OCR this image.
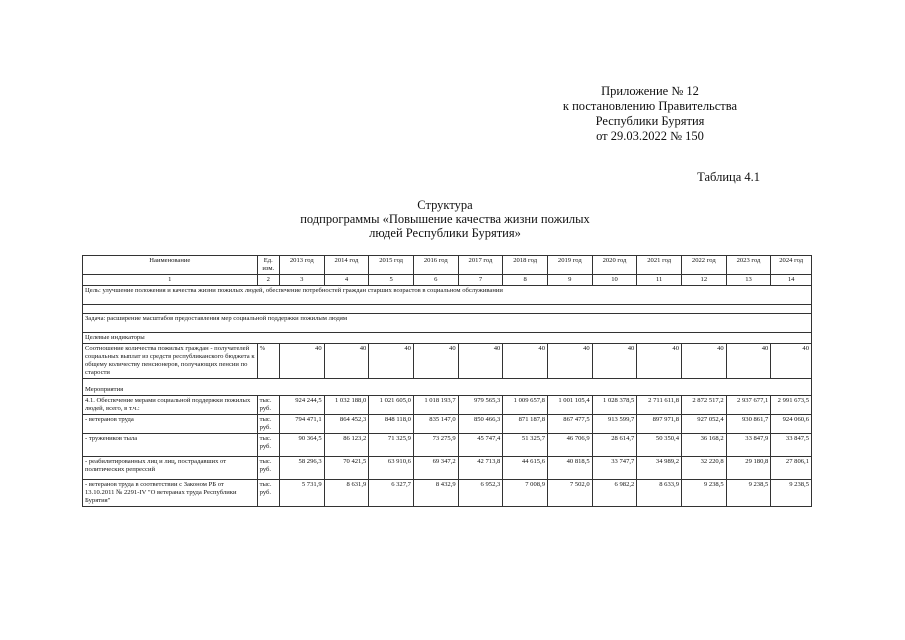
Приложение № 12
к постановлению Правительства
Республики Бурятия
от 29.03.2022 № 150
Таблица 4.1
Структура
подпрограммы «Повышение качества жизни пожилых
людей Республики Бурятия»
Наименование	Ед. изм.	2013 год	2014 год	2015 год	2016 год	2017 год	2018 год	2019 год	2020 год	2021 год	2022 год	2023 год	2024 год
1	2	3	4	5	6	7	8	9	10	11	12	13	14
Цель: улучшение положения и качества жизни пожилых людей, обеспечение потребностей граждан старших возрастов в социальном обслуживании													

Задача: расширение масштабов предоставления мер социальной поддержки пожилым людям													
Целевые индикаторы													
Соотношение количества пожилых граждан - получателей социальных выплат из средств республиканского бюджета к общему количеству пенсионеров, получающих пенсии по старости	%	40	40	40	40	40	40	40	40	40	40	40	40
Мероприятия													
4.1. Обеспечение мерами социальной поддержки пожилых людей, всего, в т.ч.:	тыс. руб.	924 244,5	1 032 188,0	1 021 605,0	1 018 193,7	979 565,3	1 009 657,8	1 001 105,4	1 028 378,5	2 711 611,8	2 872 517,2	2 937 677,1	2 991 673,5
- ветеранов труда	тыс. руб.	794 471,1	864 452,3	848 118,0	835 147,0	850 466,3	871 187,8	867 477,5	913 599,7	897 971,8	927 052,4	930 861,7	924 060,6
- тружеников тыла	тыс. руб.	90 364,5	86 123,2	71 325,9	73 275,9	45 747,4	51 325,7	46 706,9	28 614,7	50 350,4	36 168,2	33 847,9	33 847,5
- реабилитированных лиц и лиц, пострадавших от политических репрессий	тыс. руб.	58 296,3	70 421,5	63 910,6	69 347,2	42 713,8	44 615,6	40 818,5	33 747,7	34 989,2	32 220,8	29 180,8	27 806,1
- ветеранов труда в соответствии с Законом РБ от 13.10.2011 № 2291-IV "О ветеранах труда Республики Бурятия"	тыс. руб.	5 731,9	8 631,9	6 327,7	8 432,9	6 952,3	7 008,9	7 502,0	6 982,2	8 633,9	9 238,5	9 238,5	9 238,5
